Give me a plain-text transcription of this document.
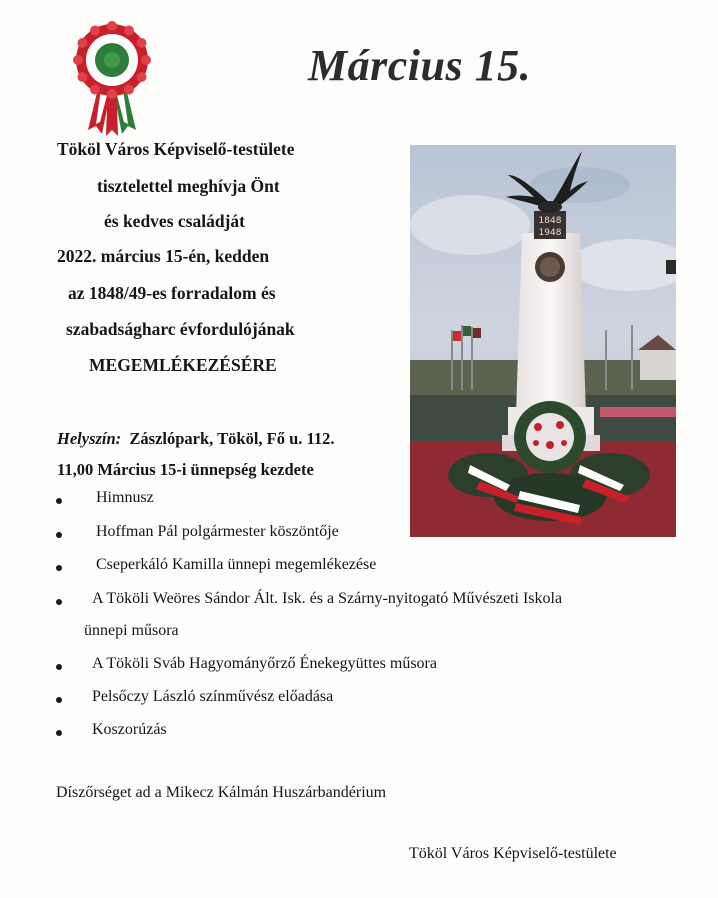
Március 15.
Tököl Város Képviselő-testülete
tisztelettel meghívja Önt
és kedves családját
2022. március 15-én, kedden
az 1848/49-es forradalom és
szabadságharc évfordulójának
MEGEMLÉKEZÉSÉRE
1848
1948
Helyszín: Zászlópark, Tököl, Fő u. 112.
11,00 Március 15-i ünnepség kezdete
Himnusz
Hoffman Pál polgármester köszöntője
Cseperkáló Kamilla ünnepi megemlékezése
A Tököli Weöres Sándor Ált. Isk. és a Szárny-nyitogató Művészeti Iskola
ünnepi műsora
A Tököli Sváb Hagyományőrző Énekegyüttes műsora
Pelsőczy László színművész előadása
Koszorúzás
Díszőrséget ad a Mikecz Kálmán Huszárbandérium
Tököl Város Képviselő-testülete
